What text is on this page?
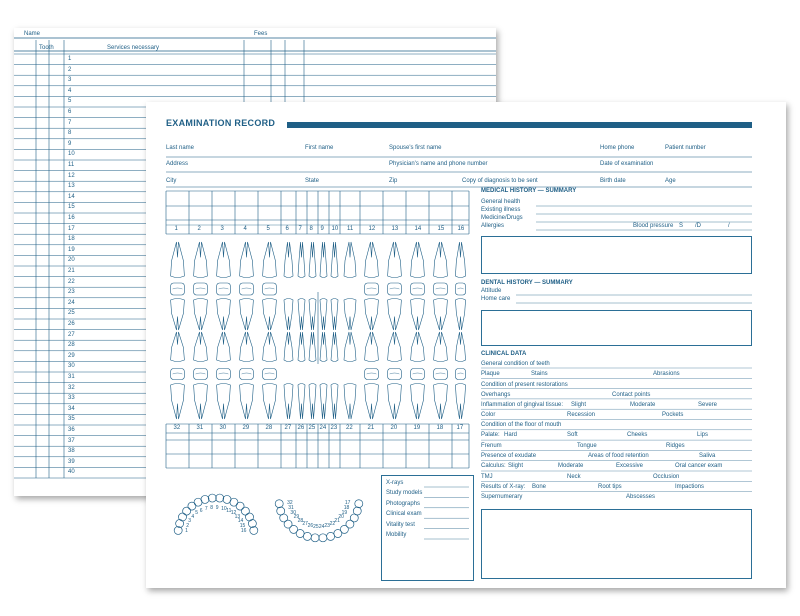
Name	Fees
Tooth	Services necessary
1
2
3
4
5
6
7
8
9
10
11
12
13
14
15
16
17
18
19
20
21
22
23
24
25
26
27
28
29
30
31
32
33
34
35
36
37
38
39
40
EXAMINATION RECORD
Last name	First name	Spouse's first name	Home phone	Patient number
Address	Physician's name and phone number	Date of examination
City	State	Zip	Copy of diagnosis to be sent	Birth date	Age
MEDICAL HISTORY — SUMMARY
General health
Existing illness
Medicine/Drugs
Allergies	Blood pressure S /D	/
DENTAL HISTORY — SUMMARY
Attitude
Home care
CLINICAL DATA
General condition of teeth
Plaque	Stains	Abrasions
Condition of present restorations
Overhangs	Contact points
Inflammation of gingival tissue: Slight	Moderate	Severe
Color	Recession	Pockets
Condition of the floor of mouth
Palate: Hard	Soft	Cheeks	Lips
Frenum	Tongue	Ridges
Presence of exudate	Areas of food retention	Saliva
Calculus: Slight	Moderate	Excessive	Oral cancer exam
TMJ	Neck	Occlusion
Results of X-ray: Bone	Root tips	Impactions
Supernumerary	Abscesses
1	2	3	4	5	6 7 8 9 10 11	12	13	14	15 16
32	31	30	29	28 27 26 25 24 23 22 21	20	19	18 17
X-rays
Study models
Photographs
Clinical exam
Vitality test
Mobility
1
2
3
4
5 6 7 8 9 10 11 12
13
14
15
16
17
32
18
31
19
30
20
29
21
28
22
27	23
26 24
25
